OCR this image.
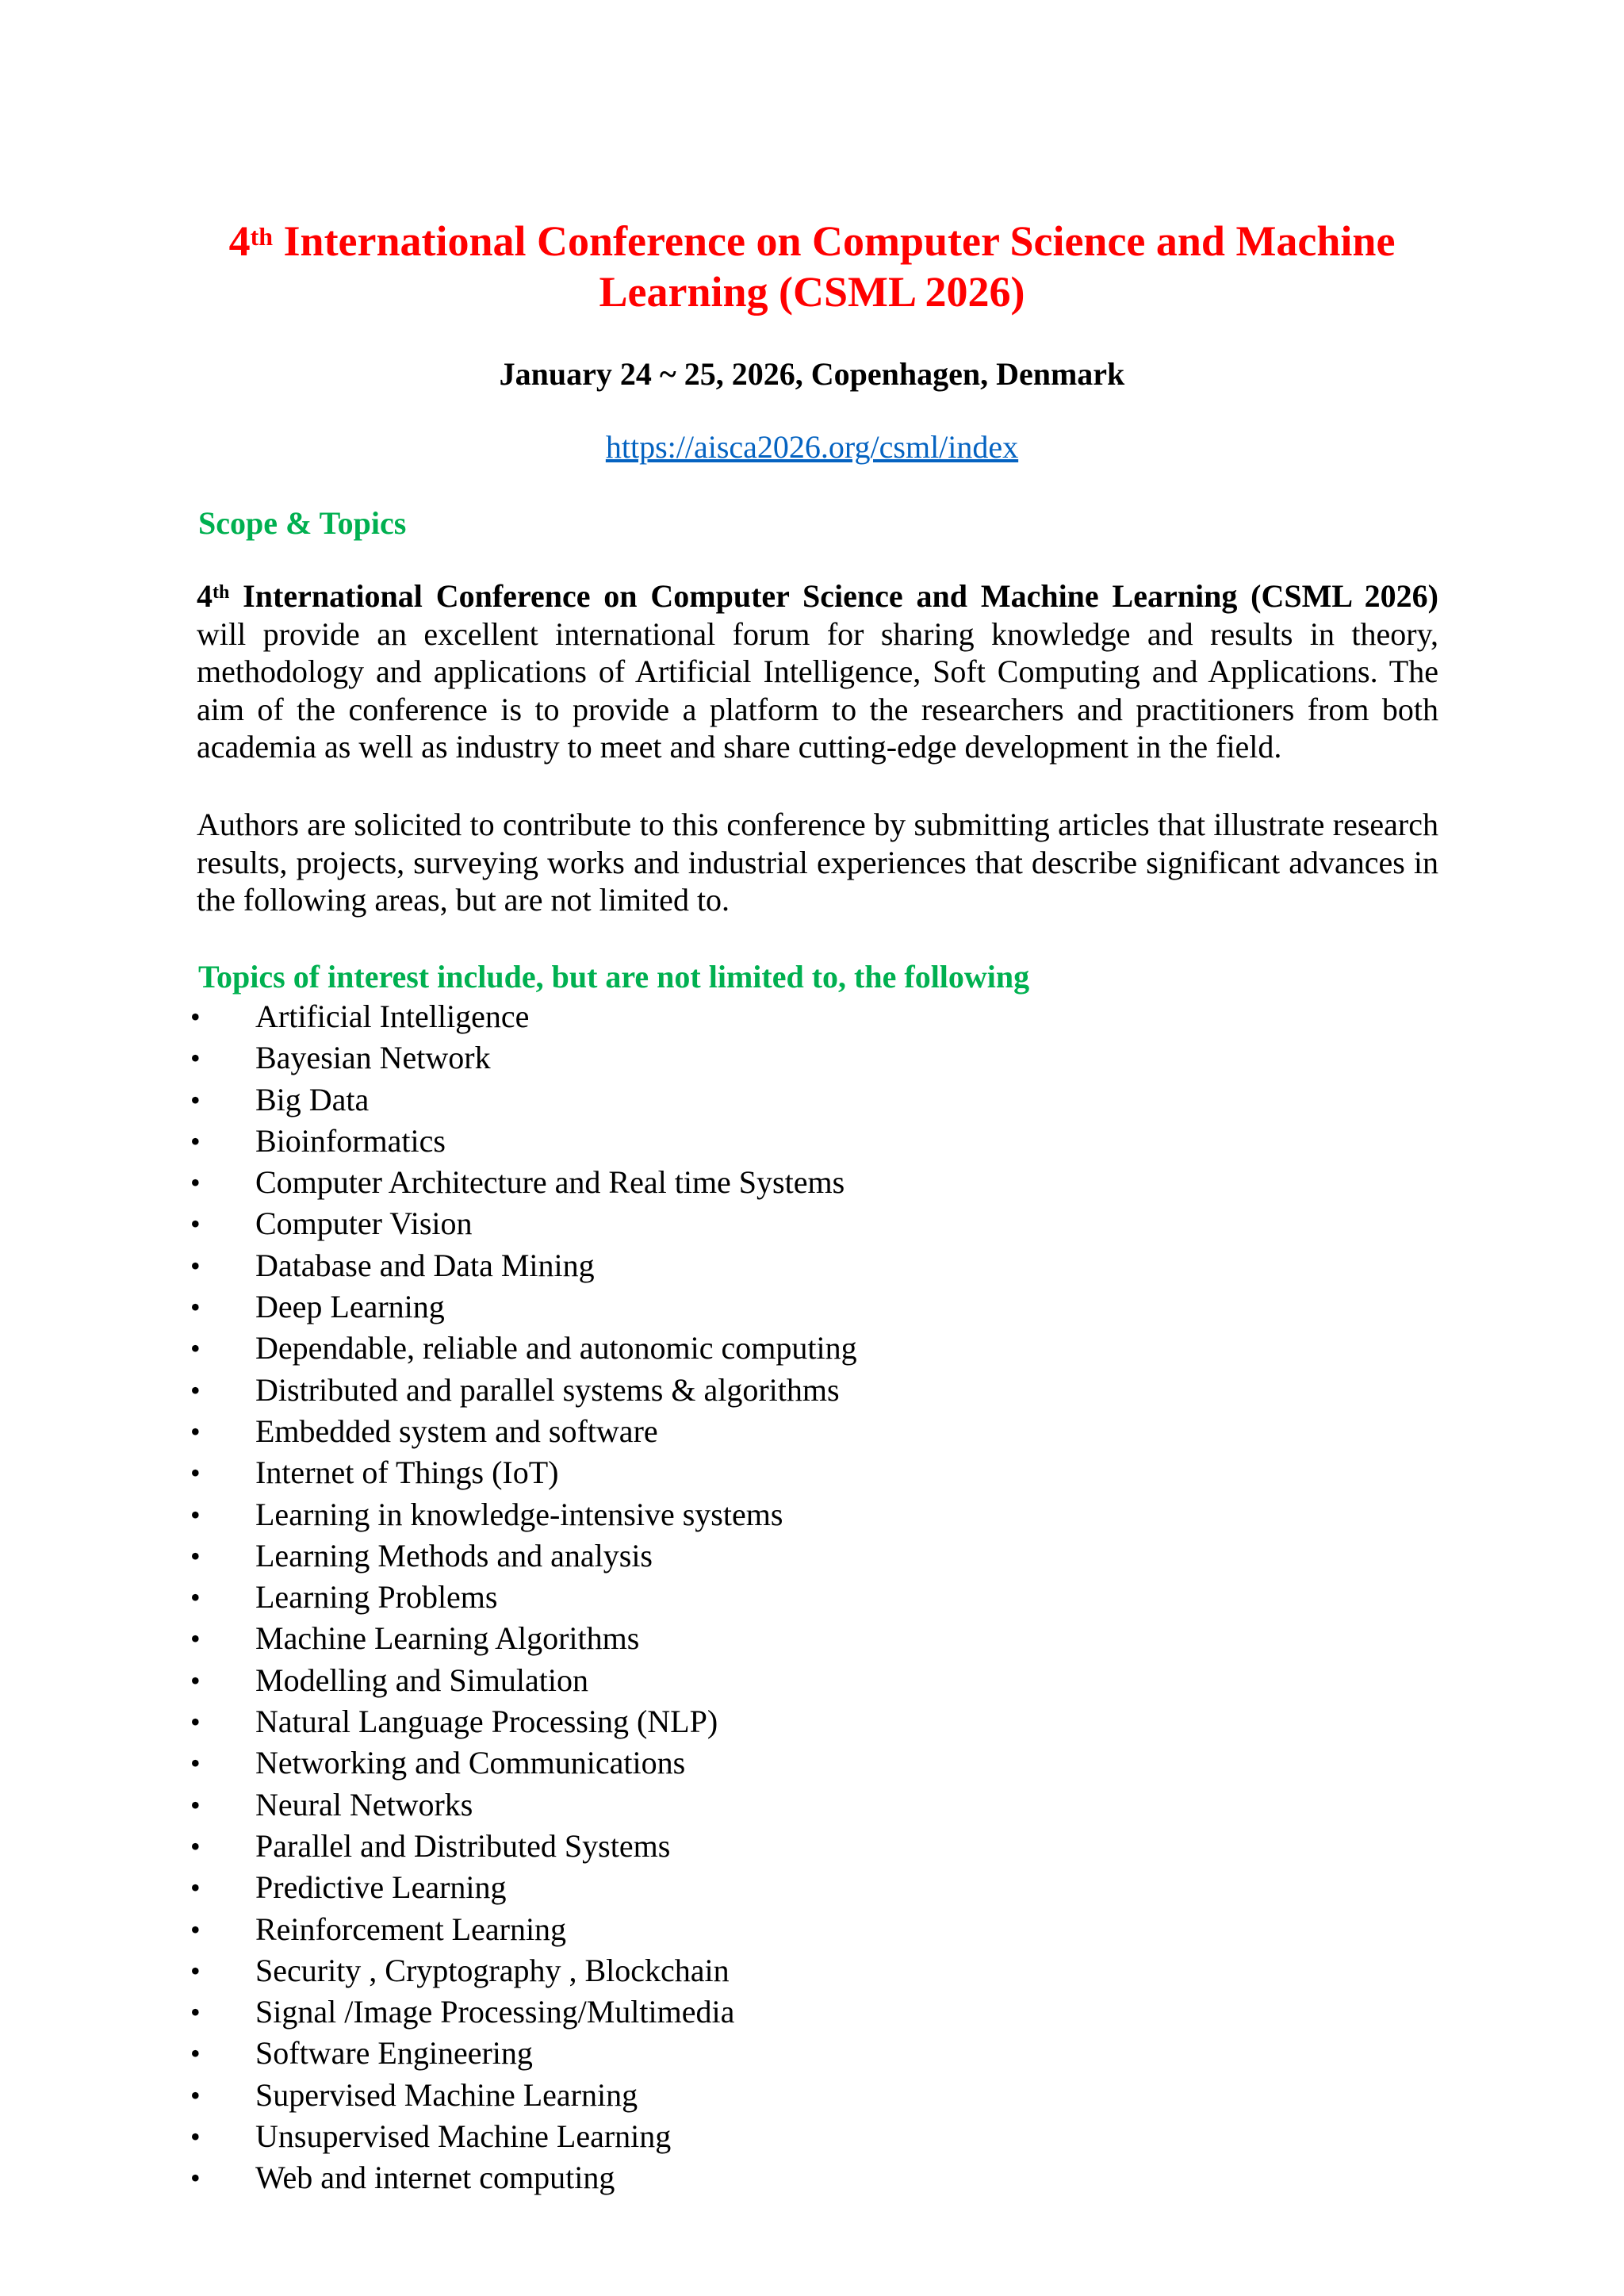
4th International Conference on Computer Science and Machine
Learning (CSML 2026)
January 24 ~ 25, 2026, Copenhagen, Denmark
https://aisca2026.org/csml/index
Scope & Topics
4th International Conference on Computer Science and Machine Learning (CSML 2026) will provide an excellent international forum for sharing knowledge and results in theory, methodology and applications of Artificial Intelligence, Soft Computing and Applications. The aim of the conference is to provide a platform to the researchers and practitioners from both academia as well as industry to meet and share cutting-edge development in the field.
Authors are solicited to contribute to this conference by submitting articles that illustrate research results, projects, surveying works and industrial experiences that describe significant advances in the following areas, but are not limited to.
Topics of interest include, but are not limited to, the following
•	Artificial Intelligence
•	Bayesian Network
•	Big Data
•	Bioinformatics
•	Computer Architecture and Real time Systems
•	Computer Vision
•	Database and Data Mining
•	Deep Learning
•	Dependable, reliable and autonomic computing
•	Distributed and parallel systems & algorithms
•	Embedded system and software
•	Internet of Things (IoT)
•	Learning in knowledge-intensive systems
•	Learning Methods and analysis
•	Learning Problems
•	Machine Learning Algorithms
•	Modelling and Simulation
•	Natural Language Processing (NLP)
•	Networking and Communications
•	Neural Networks
•	Parallel and Distributed Systems
•	Predictive Learning
•	Reinforcement Learning
•	Security , Cryptography , Blockchain
•	Signal /Image Processing/Multimedia
•	Software Engineering
•	Supervised Machine Learning
•	Unsupervised Machine Learning
•	Web and internet computing
